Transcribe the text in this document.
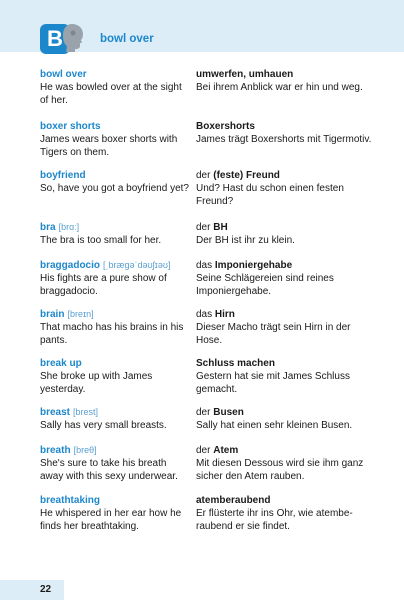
B	bowl over
bowl over
He was bowled over at the sight of her.
umwerfen, umhauen
Bei ihrem Anblick war er hin und weg.
boxer shorts
James wears boxer shorts with Tigers on them.
Boxershorts
James trägt Boxershorts mit Tigermotiv.
boyfriend
So, have you got a boyfriend yet?
der (feste) Freund
Und? Hast du schon einen festen Freund?
bra [brɑː]
The bra is too small for her.
der BH
Der BH ist ihr zu klein.
braggadocio [ˌbrægəˈdəʊʃɪəʊ]
His fights are a pure show of braggadocio.
das Imponiergehabe
Seine Schlägereien sind reines Imponiergehabe.
brain [breɪn]
That macho has his brains in his pants.
das Hirn
Dieser Macho trägt sein Hirn in der Hose.
break up
She broke up with James yesterday.
Schluss machen
Gestern hat sie mit James Schluss gemacht.
breast [brest]
Sally has very small breasts.
der Busen
Sally hat einen sehr kleinen Busen.
breath [breθ]
She's sure to take his breath away with this sexy underwear.
der Atem
Mit diesen Dessous wird sie ihm ganz sicher den Atem rauben.
breathtaking
He whispered in her ear how he finds her breathtaking.
atemberaubend
Er flüsterte ihr ins Ohr, wie atembe-raubend er sie findet.
22
